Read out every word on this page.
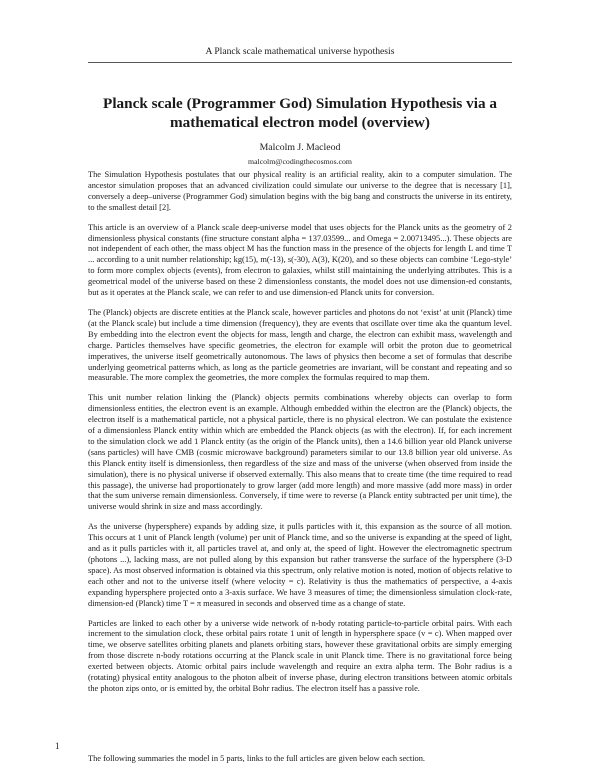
A Planck scale mathematical universe hypothesis
Planck scale (Programmer God) Simulation Hypothesis via a mathematical electron model (overview)
Malcolm J. Macleod
malcolm@codingthecosmos.com

The Simulation Hypothesis postulates that our physical reality is an artificial reality, akin to a computer simulation. The ancestor simulation proposes that an advanced civilization could simulate our universe to the degree that is necessary [1], conversely a deep–universe (Programmer God) simulation begins with the big bang and constructs the universe in its entirety, to the smallest detail [2].

This article is an overview of a Planck scale deep-universe model that uses objects for the Planck units as the geometry of 2 dimensionless physical constants (fine structure constant alpha = 137.03599... and Omega = 2.00713495...). These objects are not independent of each other, the mass object M has the function mass in the presence of the objects for length L and time T ... according to a unit number relationship; kg(15), m(-13), s(-30), A(3), K(20), and so these objects can combine ‘Lego-style’ to form more complex objects (events), from electron to galaxies, whilst still maintaining the underlying attributes. This is a geometrical model of the universe based on these 2 dimensionless constants, the model does not use dimension-ed constants, but as it operates at the Planck scale, we can refer to and use dimension-ed Planck units for conversion.

The (Planck) objects are discrete entities at the Planck scale, however particles and photons do not ‘exist’ at unit (Planck) time (at the Planck scale) but include a time dimension (frequency), they are events that oscillate over time aka the quantum level. By embedding into the electron event the objects for mass, length and charge, the electron can exhibit mass, wavelength and charge. Particles themselves have specific geometries, the electron for example will orbit the proton due to geometrical imperatives, the universe itself geometrically autonomous. The laws of physics then become a set of formulas that describe underlying geometrical patterns which, as long as the particle geometries are invariant, will be constant and repeating and so measurable. The more complex the geometries, the more complex the formulas required to map them.

This unit number relation linking the (Planck) objects permits combinations whereby objects can overlap to form dimensionless entities, the electron event is an example. Although embedded within the electron are the (Planck) objects, the electron itself is a mathematical particle, not a physical particle, there is no physical electron. We can postulate the existence of a dimensionless Planck entity within which are embedded the Planck objects (as with the electron). If, for each increment to the simulation clock we add 1 Planck entity (as the origin of the Planck units), then a 14.6 billion year old Planck universe (sans particles) will have CMB (cosmic microwave background) parameters similar to our 13.8 billion year old universe. As this Planck entity itself is dimensionless, then regardless of the size and mass of the universe (when observed from inside the simulation), there is no physical universe if observed externally. This also means that to create time (the time required to read this passage), the universe had proportionately to grow larger (add more length) and more massive (add more mass) in order that the sum universe remain dimensionless. Conversely, if time were to reverse (a Planck entity subtracted per unit time), the universe would shrink in size and mass accordingly.

As the universe (hypersphere) expands by adding size, it pulls particles with it, this expansion as the source of all motion. This occurs at 1 unit of Planck length (volume) per unit of Planck time, and so the universe is expanding at the speed of light, and as it pulls particles with it, all particles travel at, and only at, the speed of light. However the electromagnetic spectrum (photons ...), lacking mass, are not pulled along by this expansion but rather transverse the surface of the hypersphere (3-D space). As most observed information is obtained via this spectrum, only relative motion is noted, motion of objects relative to each other and not to the universe itself (where velocity = c). Relativity is thus the mathematics of perspective, a 4-axis expanding hypersphere projected onto a 3-axis surface. We have 3 measures of time; the dimensionless simulation clock-rate, dimension-ed (Planck) time T = π measured in seconds and observed time as a change of state.

Particles are linked to each other by a universe wide network of n-body rotating particle-to-particle orbital pairs. With each increment to the simulation clock, these orbital pairs rotate 1 unit of length in hypersphere space (v = c). When mapped over time, we observe satellites orbiting planets and planets orbiting stars, however these gravitational orbits are simply emerging from those discrete n-body rotations occurring at the Planck scale in unit Planck time. There is no gravitational force being exerted between objects. Atomic orbital pairs include wavelength and require an extra alpha term. The Bohr radius is a (rotating) physical entity analogous to the photon albeit of inverse phase, during electron transitions between atomic orbitals the photon zips onto, or is emitted by, the orbital Bohr radius. The electron itself has a passive role.

1
The following summaries the model in 5 parts, links to the full articles are given below each section.
